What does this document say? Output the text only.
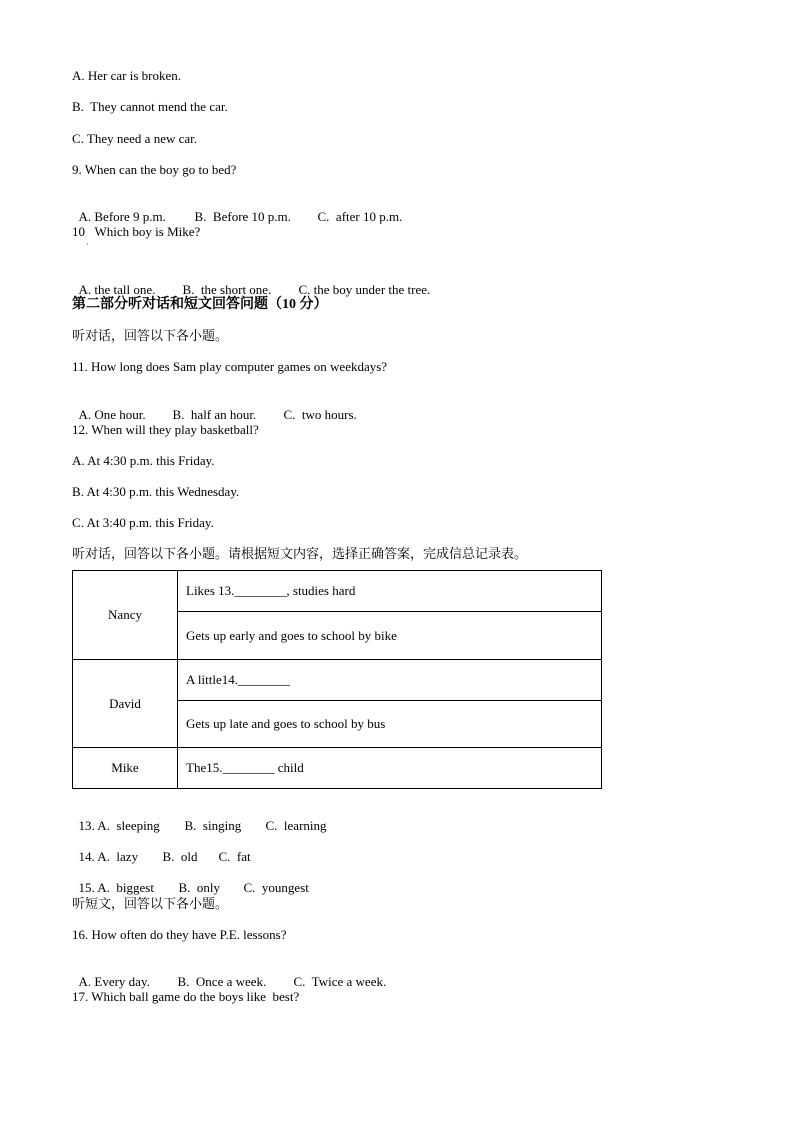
A. Her car is broken.
B.  They cannot mend the car.
C. They need a new car.
9. When can the boy go to bed?

A. Before 9 p.m. B.  Before 10 p.m. C.  after 10 p.m.

10   Which boy is Mike?
·

A. the tall one. B.  the short one. C. the boy under the tree.

第二部分听对话和短文回答问题（10 分）
听对话，回答以下各小题。
11. How long does Sam play computer games on weekdays?

A. One hour. B.  half an hour. C.  two hours.

12. When will they play basketball?
A. At 4:30 p.m. this Friday.
B. At 4:30 p.m. this Wednesday.
C. At 3:40 p.m. this Friday.
听对话，回答以下各小题。请根据短文内容，选择正确答案，完成信总记录表。
Nancy	Likes 13.________, studies hard
	Gets up early and goes to school by bike
David	A little14.________
	Gets up late and goes to school by bus
Mike	The15.________ child

13. A.  sleeping B.  singing C.  learning

14. A.  lazy B.  old C.  fat

15. A.  biggest B.  only C.  youngest

听短文，回答以下各小题。
16. How often do they have P.E. lessons?

A. Every day. B.  Once a week. C.  Twice a week.

17. Which ball game do the boys like  best?
